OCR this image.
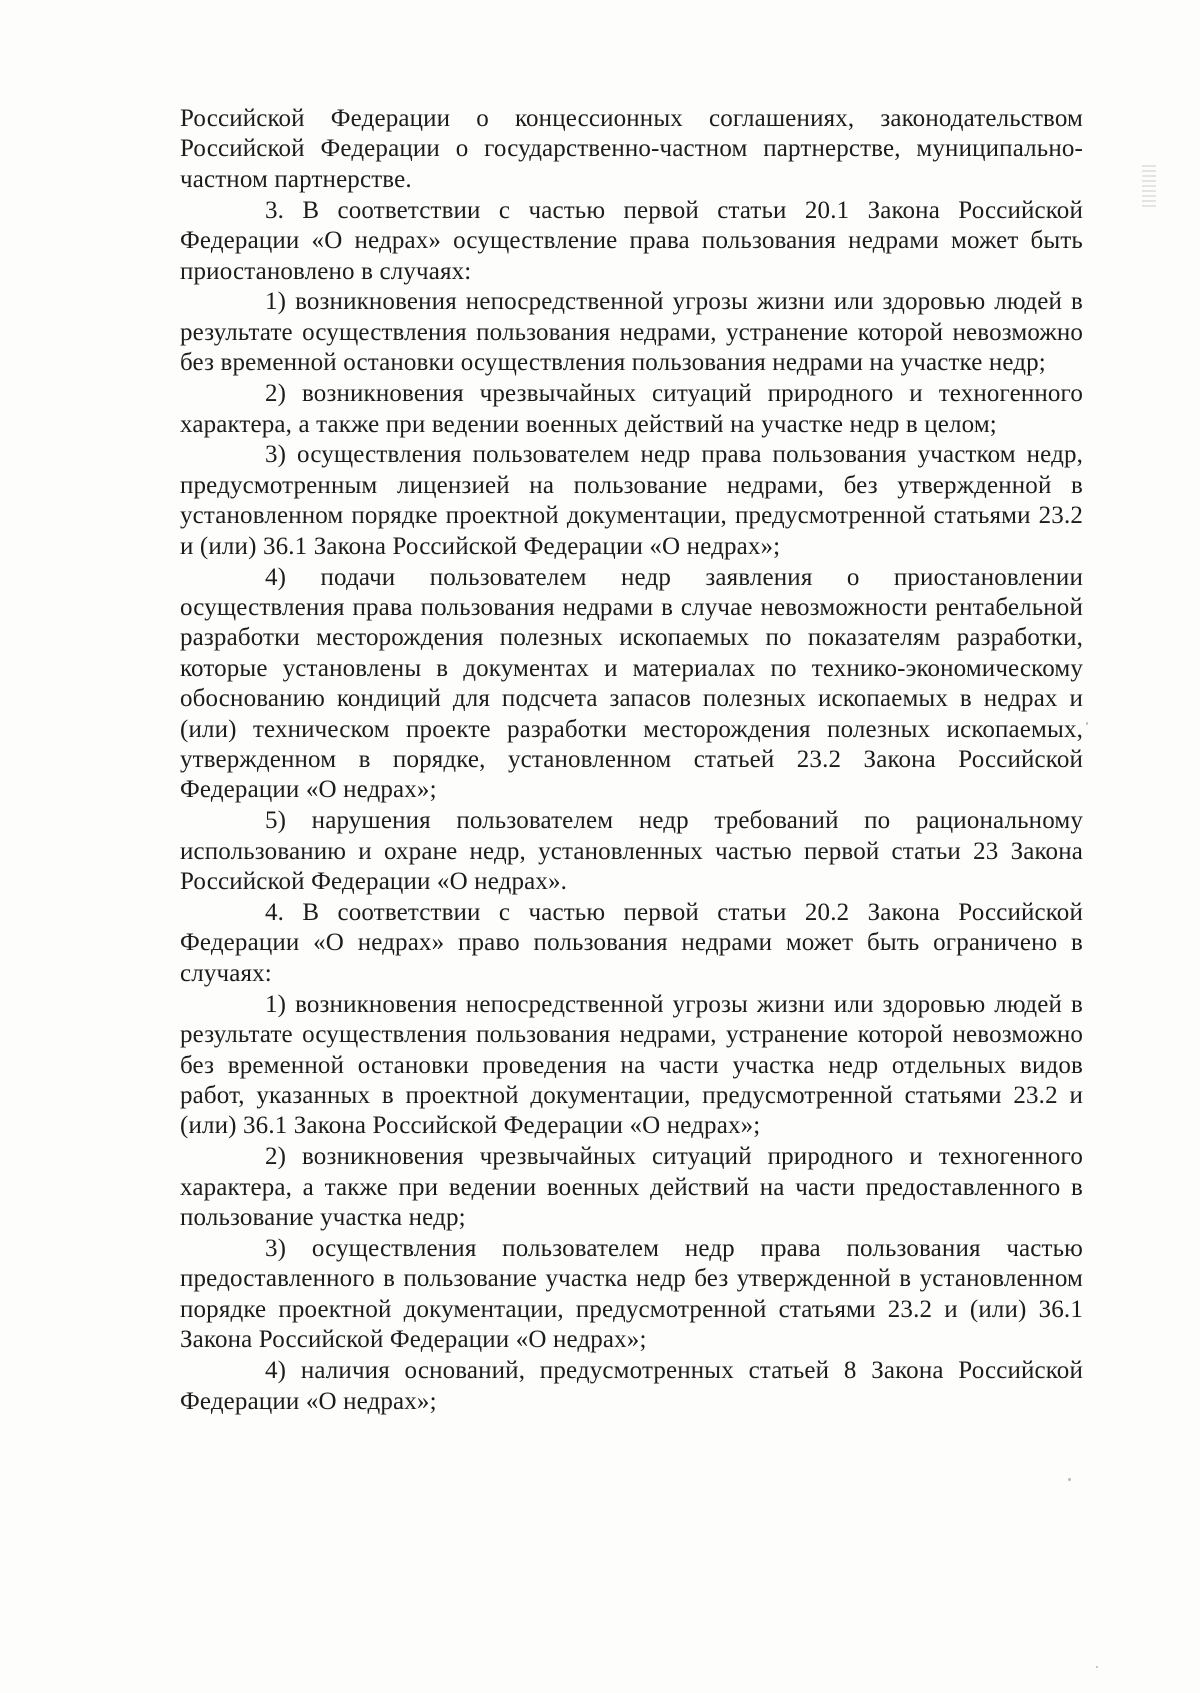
Российской Федерации о концессионных соглашениях, законодательством Российской Федерации о государственно-частном партнерстве, муниципально-частном партнерстве.

3. В соответствии с частью первой статьи 20.1 Закона Российской Федерации «О недрах» осуществление права пользования недрами может быть приостановлено в случаях:

1) возникновения непосредственной угрозы жизни или здоровью людей в результате осуществления пользования недрами, устранение которой невозможно без временной остановки осуществления пользования недрами на участке недр;

2) возникновения чрезвычайных ситуаций природного и техногенного характера, а также при ведении военных действий на участке недр в целом;

3) осуществления пользователем недр права пользования участком недр, предусмотренным лицензией на пользование недрами, без утвержденной в установленном порядке проектной документации, предусмотренной статьями 23.2 и (или) 36.1 Закона Российской Федерации «О недрах»;

4) подачи пользователем недр заявления о приостановлении осуществления права пользования недрами в случае невозможности рентабельной разработки месторождения полезных ископаемых по показателям разработки, которые установлены в документах и материалах по технико-экономическому обоснованию кондиций для подсчета запасов полезных ископаемых в недрах и (или) техническом проекте разработки месторождения полезных ископаемых, утвержденном в порядке, установленном статьей 23.2 Закона Российской Федерации «О недрах»;

5) нарушения пользователем недр требований по рациональному использованию и охране недр, установленных частью первой статьи 23 Закона Российской Федерации «О недрах».

4. В соответствии с частью первой статьи 20.2 Закона Российской Федерации «О недрах» право пользования недрами может быть ограничено в случаях:

1) возникновения непосредственной угрозы жизни или здоровью людей в результате осуществления пользования недрами, устранение которой невозможно без временной остановки проведения на части участка недр отдельных видов работ, указанных в проектной документации, предусмотренной статьями 23.2 и (или) 36.1 Закона Российской Федерации «О недрах»;

2) возникновения чрезвычайных ситуаций природного и техногенного характера, а также при ведении военных действий на части предоставленного в пользование участка недр;

3) осуществления пользователем недр права пользования частью предоставленного в пользование участка недр без утвержденной в установленном порядке проектной документации, предусмотренной статьями 23.2 и (или) 36.1 Закона Российской Федерации «О недрах»;

4) наличия оснований, предусмотренных статьей 8 Закона Российской Федерации «О недрах»;
